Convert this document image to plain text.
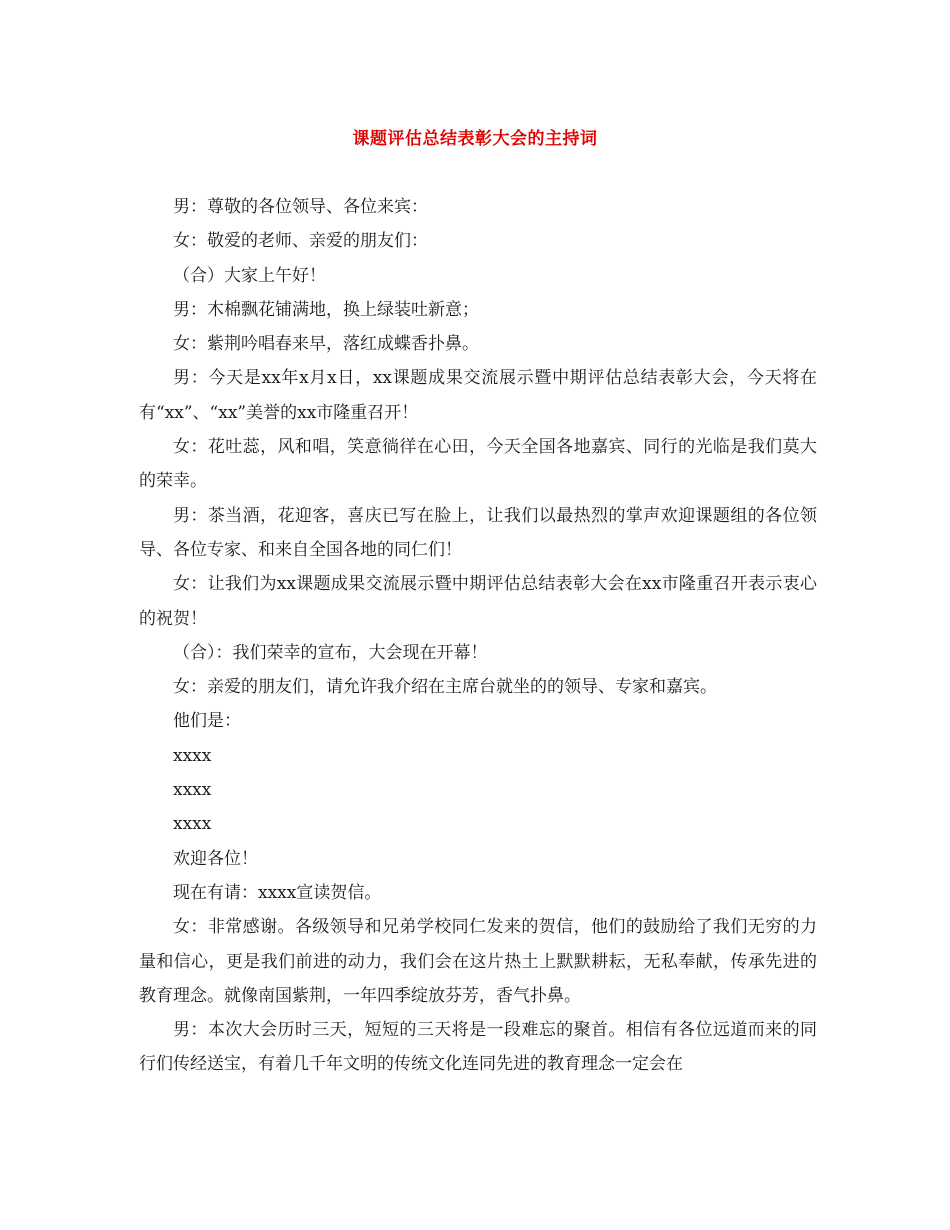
课题评估总结表彰大会的主持词

男：尊敬的各位领导、各位来宾：

女：敬爱的老师、亲爱的朋友们：

（合）大家上午好！

男：木棉飘花铺满地，换上绿装吐新意；

女：紫荆吟唱春来早，落红成蝶香扑鼻。

男：今天是xx年x月x日，xx课题成果交流展示暨中期评估总结表彰大会，今天将在有“xx”、“xx”美誉的xx市隆重召开！

女：花吐蕊，风和唱，笑意徜徉在心田，今天全国各地嘉宾、同行的光临是我们莫大的荣幸。

男：茶当酒，花迎客，喜庆已写在脸上，让我们以最热烈的掌声欢迎课题组的各位领导、各位专家、和来自全国各地的同仁们！

女：让我们为xx课题成果交流展示暨中期评估总结表彰大会在xx市隆重召开表示衷心的祝贺！

（合）：我们荣幸的宣布，大会现在开幕！

女：亲爱的朋友们，请允许我介绍在主席台就坐的的领导、专家和嘉宾。

他们是：

xxxx

xxxx

xxxx

欢迎各位！

现在有请：xxxx宣读贺信。

女：非常感谢。各级领导和兄弟学校同仁发来的贺信，他们的鼓励给了我们无穷的力量和信心，更是我们前进的动力，我们会在这片热土上默默耕耘，无私奉献，传承先进的教育理念。就像南国紫荆，一年四季绽放芬芳，香气扑鼻。

男：本次大会历时三天，短短的三天将是一段难忘的聚首。相信有各位远道而来的同行们传经送宝，有着几千年文明的传统文化连同先进的教育理念一定会在
